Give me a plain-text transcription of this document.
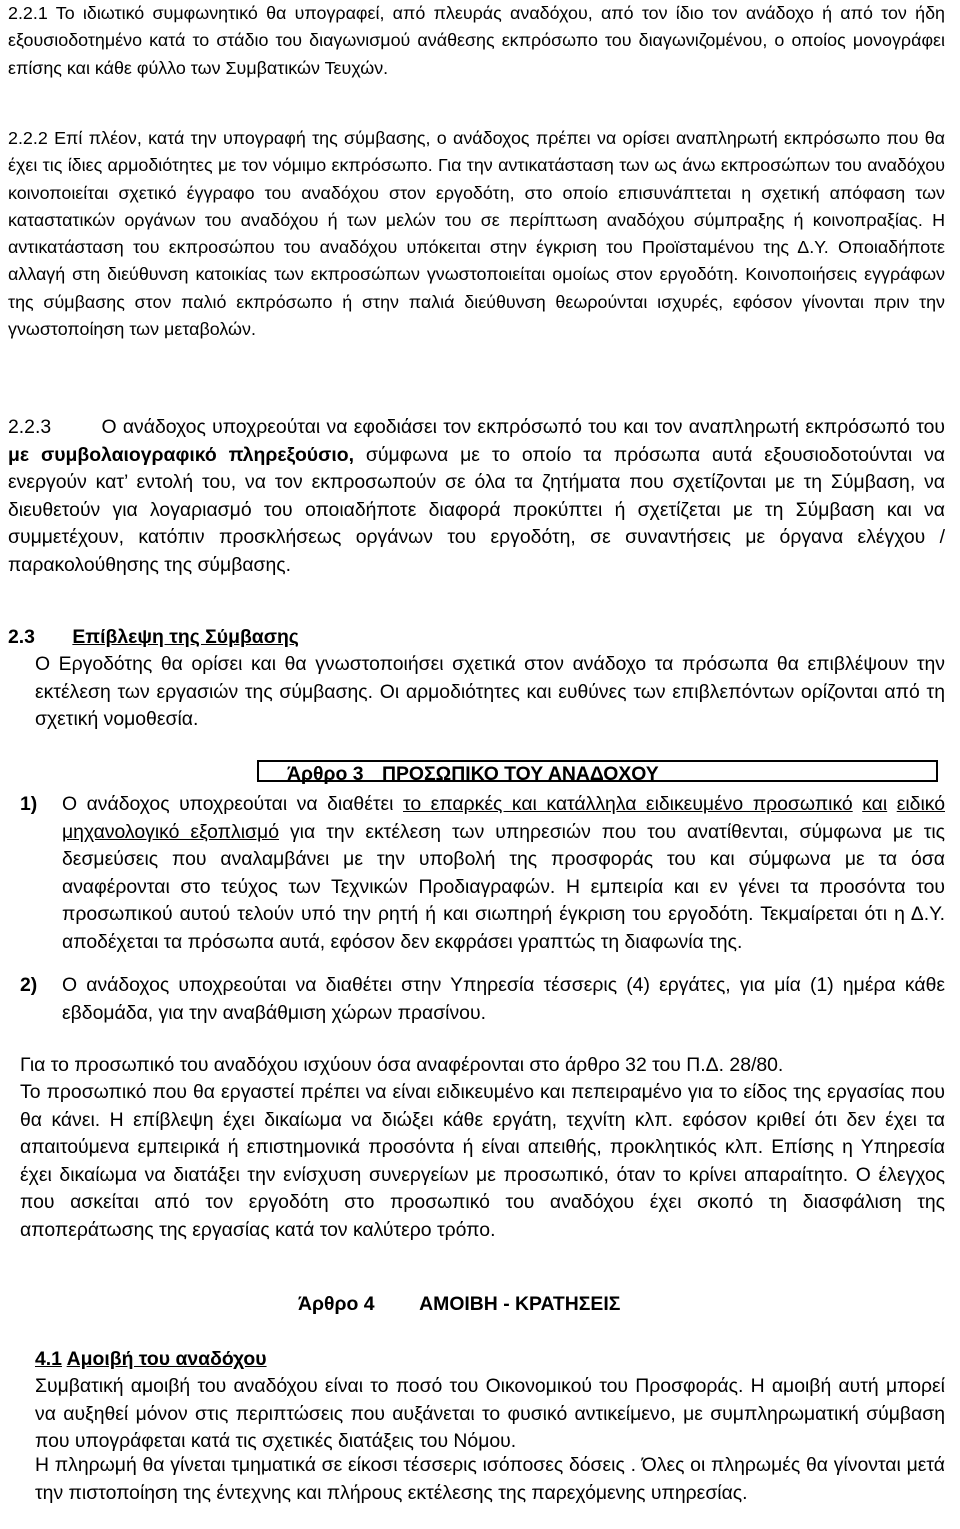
2.2.1 Το ιδιωτικό συμφωνητικό θα υπογραφεί, από πλευράς αναδόχου, από τον ίδιο τον ανάδοχο ή από τον ήδη εξουσιοδοτημένο κατά το στάδιο του διαγωνισμού ανάθεσης εκπρόσωπο του διαγωνιζομένου, ο οποίος μονογράφει επίσης και κάθε φύλλο των Συμβατικών Τευχών.

2.2.2 Επί πλέον, κατά την υπογραφή της σύμβασης, ο ανάδοχος πρέπει να ορίσει αναπληρωτή εκπρόσωπο που θα έχει τις ίδιες αρμοδιότητες με τον νόμιμο εκπρόσωπο. Για την αντικατάσταση των ως άνω εκπροσώπων του αναδόχου κοινοποιείται σχετικό έγγραφο του αναδόχου στον εργοδότη, στο οποίο επισυνάπτεται η σχετική απόφαση των καταστατικών οργάνων του αναδόχου ή των μελών του σε περίπτωση αναδόχου σύμπραξης ή κοινοπραξίας. Η αντικατάσταση του εκπροσώπου του αναδόχου υπόκειται στην έγκριση του Προϊσταμένου της Δ.Υ. Οποιαδήποτε αλλαγή στη διεύθυνση κατοικίας των εκπροσώπων γνωστοποιείται ομοίως στον εργοδότη. Κοινοποιήσεις εγγράφων της σύμβασης στον παλιό εκπρόσωπο ή στην παλιά διεύθυνση θεωρούνται ισχυρές, εφόσον γίνονται πριν την γνωστοποίηση των μεταβολών.

2.2.3	Ο ανάδοχος υποχρεούται να εφοδιάσει τον εκπρόσωπό του και τον αναπληρωτή εκπρόσωπό του με συμβολαιογραφικό πληρεξούσιο, σύμφωνα με το οποίο τα πρόσωπα αυτά εξουσιοδοτούνται να ενεργούν κατ’ εντολή του, να τον εκπροσωπούν σε όλα τα ζητήματα που σχετίζονται με τη Σύμβαση, να διευθετούν για λογαριασμό του οποιαδήποτε διαφορά προκύπτει ή σχετίζεται με τη Σύμβαση και να συμμετέχουν, κατόπιν προσκλήσεως οργάνων του εργοδότη, σε συναντήσεις με όργανα ελέγχου / παρακολούθησης της σύμβασης.

2.3 Επίβλεψη της Σύμβασης

Ο Εργοδότης θα ορίσει και θα γνωστοποιήσει σχετικά στον ανάδοχο τα πρόσωπα θα επιβλέψουν την εκτέλεση των εργασιών της σύμβασης. Οι αρμοδιότητες και ευθύνες των επιβλεπόντων ορίζονται από τη σχετική νομοθεσία.

Άρθρο 3 ΠΡΟΣΩΠΙΚΟ ΤΟΥ ΑΝΑΔΟΧΟΥ

1) Ο ανάδοχος υποχρεούται να διαθέτει το επαρκές και κατάλληλα ειδικευμένο προσωπικό και ειδικό μηχανολογικό εξοπλισμό για την εκτέλεση των υπηρεσιών που του ανατίθενται, σύμφωνα με τις δεσμεύσεις που αναλαμβάνει με την υποβολή της προσφοράς του και σύμφωνα με τα όσα αναφέρονται στο τεύχος των Τεχνικών Προδιαγραφών. Η εμπειρία και εν γένει τα προσόντα του προσωπικού αυτού τελούν υπό την ρητή ή και σιωπηρή έγκριση του εργοδότη. Τεκμαίρεται ότι η Δ.Υ. αποδέχεται τα πρόσωπα αυτά, εφόσον δεν εκφράσει γραπτώς τη διαφωνία της.
2) Ο ανάδοχος υποχρεούται να διαθέτει στην Υπηρεσία τέσσερις (4) εργάτες, για μία (1) ημέρα κάθε εβδομάδα, για την αναβάθμιση χώρων πρασίνου.

Για το προσωπικό του αναδόχου ισχύουν όσα αναφέρονται στο άρθρο 32 του Π.Δ. 28/80.

Το προσωπικό που θα εργαστεί πρέπει να είναι ειδικευμένο και πεπειραμένο για το είδος της εργασίας που θα κάνει. Η επίβλεψη έχει δικαίωμα να διώξει κάθε εργάτη, τεχνίτη κλπ. εφόσον κριθεί ότι δεν έχει τα απαιτούμενα εμπειρικά ή επιστημονικά προσόντα ή είναι απειθής, προκλητικός κλπ. Επίσης η Υπηρεσία έχει δικαίωμα να διατάξει την ενίσχυση συνεργείων με προσωπικό, όταν το κρίνει απαραίτητο. Ο έλεγχος που ασκείται από τον εργοδότη στο προσωπικό του αναδόχου έχει σκοπό τη διασφάλιση της αποπεράτωσης της εργασίας κατά τον καλύτερο τρόπο.

Άρθρο 4 ΑΜΟΙΒΗ - ΚΡΑΤΗΣΕΙΣ

4.1 Αμοιβή του αναδόχου

Συμβατική αμοιβή του αναδόχου είναι το ποσό του Οικονομικού του Προσφοράς. Η αμοιβή αυτή μπορεί να αυξηθεί μόνον στις περιπτώσεις που αυξάνεται το φυσικό αντικείμενο, με συμπληρωματική σύμβαση που υπογράφεται κατά τις σχετικές διατάξεις του Νόμου.

Η πληρωμή θα γίνεται τμηματικά σε είκοσι τέσσερις ισόποσες δόσεις . Όλες οι πληρωμές θα γίνονται μετά την πιστοποίηση της έντεχνης και πλήρους εκτέλεσης της παρεχόμενης υπηρεσίας.
